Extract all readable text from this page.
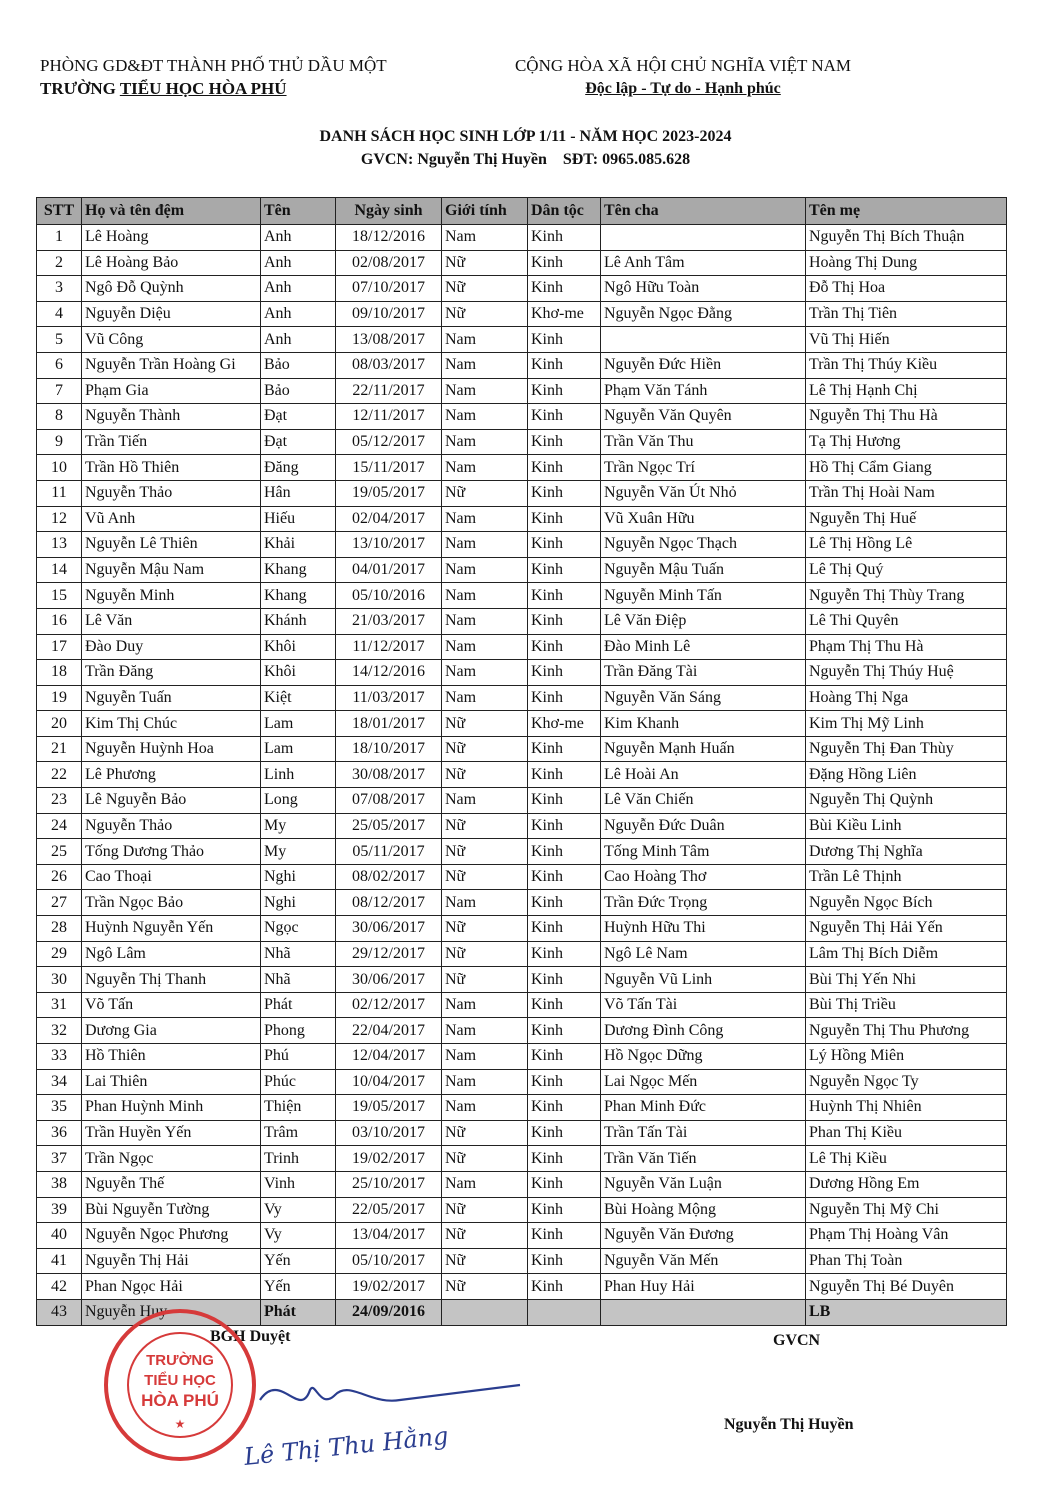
PHÒNG GD&ĐT THÀNH PHỐ THỦ DẦU MỘT
TRƯỜNG TIỂU HỌC HÒA PHÚ
CỘNG HÒA XÃ HỘI CHỦ NGHĨA VIỆT NAM
Độc lập - Tự do - Hạnh phúc
DANH SÁCH HỌC SINH LỚP 1/11 - NĂM HỌC 2023-2024
GVCN: Nguyễn Thị Huyền    SĐT: 0965.085.628
STT	Họ và tên đệm	Tên	Ngày sinh	Giới tính	Dân tộc	Tên cha	Tên mẹ
1	Lê Hoàng	Anh	18/12/2016	Nam	Kinh		Nguyễn Thị Bích Thuận
2	Lê Hoàng Bảo	Anh	02/08/2017	Nữ	Kinh	Lê Anh Tâm	Hoàng Thị Dung
3	Ngô Đỗ Quỳnh	Anh	07/10/2017	Nữ	Kinh	Ngô Hữu Toàn	Đỗ Thị Hoa
4	Nguyễn Diệu	Anh	09/10/2017	Nữ	Khơ-me	Nguyễn Ngọc Đằng	Trần Thị Tiên
5	Vũ Công	Anh	13/08/2017	Nam	Kinh		Vũ Thị Hiến
6	Nguyễn Trần Hoàng Gi	Bảo	08/03/2017	Nam	Kinh	Nguyễn Đức Hiền	Trần Thị Thúy Kiều
7	Phạm Gia	Bảo	22/11/2017	Nam	Kinh	Phạm Văn Tánh	Lê Thị Hạnh Chị
8	Nguyễn Thành	Đạt	12/11/2017	Nam	Kinh	Nguyễn Văn Quyên	Nguyễn Thị Thu Hà
9	Trần Tiến	Đạt	05/12/2017	Nam	Kinh	Trần Văn Thu	Tạ Thị Hương
10	Trần Hồ Thiên	Đăng	15/11/2017	Nam	Kinh	Trần Ngọc Trí	Hồ Thị Cẩm Giang
11	Nguyễn Thảo	Hân	19/05/2017	Nữ	Kinh	Nguyễn Văn Út Nhỏ	Trần Thị Hoài Nam
12	Vũ Anh	Hiếu	02/04/2017	Nam	Kinh	Vũ Xuân Hữu	Nguyễn Thị Huế
13	Nguyễn Lê Thiên	Khải	13/10/2017	Nam	Kinh	Nguyễn Ngọc Thạch	Lê Thị Hồng Lê
14	Nguyễn Mậu Nam	Khang	04/01/2017	Nam	Kinh	Nguyễn Mậu Tuấn	Lê Thị Quý
15	Nguyễn Minh	Khang	05/10/2016	Nam	Kinh	Nguyễn Minh Tấn	Nguyễn Thị Thùy Trang
16	Lê Văn	Khánh	21/03/2017	Nam	Kinh	Lê Văn Điệp	Lê Thi Quyên
17	Đào Duy	Khôi	11/12/2017	Nam	Kinh	Đào Minh Lê	Phạm Thị Thu Hà
18	Trần Đăng	Khôi	14/12/2016	Nam	Kinh	Trần Đăng Tài	Nguyễn Thị Thúy Huệ
19	Nguyễn Tuấn	Kiệt	11/03/2017	Nam	Kinh	Nguyễn Văn Sáng	Hoàng Thị Nga
20	Kim Thị Chúc	Lam	18/01/2017	Nữ	Khơ-me	Kim Khanh	Kim Thị Mỹ Linh
21	Nguyễn Huỳnh Hoa	Lam	18/10/2017	Nữ	Kinh	Nguyễn Mạnh Huấn	Nguyễn Thị Đan Thùy
22	Lê Phương	Linh	30/08/2017	Nữ	Kinh	Lê Hoài An	Đặng Hồng Liên
23	Lê Nguyễn Bảo	Long	07/08/2017	Nam	Kinh	Lê Văn Chiến	Nguyễn Thị Quỳnh
24	Nguyễn Thảo	My	25/05/2017	Nữ	Kinh	Nguyễn Đức Duân	Bùi Kiều Linh
25	Tống Dương Thảo	My	05/11/2017	Nữ	Kinh	Tống Minh Tâm	Dương Thị Nghĩa
26	Cao Thoại	Nghi	08/02/2017	Nữ	Kinh	Cao Hoàng Thơ	Trần Lê Thịnh
27	Trần Ngọc Bảo	Nghi	08/12/2017	Nam	Kinh	Trần Đức Trọng	Nguyễn Ngọc Bích
28	Huỳnh Nguyễn Yến	Ngọc	30/06/2017	Nữ	Kinh	Huỳnh Hữu Thi	Nguyễn Thị Hải Yến
29	Ngô Lâm	Nhã	29/12/2017	Nữ	Kinh	Ngô Lê Nam	Lâm Thị Bích Diễm
30	Nguyễn Thị Thanh	Nhã	30/06/2017	Nữ	Kinh	Nguyễn Vũ Linh	Bùi Thị Yến Nhi
31	Võ Tấn	Phát	02/12/2017	Nam	Kinh	Võ Tấn Tài	Bùi Thị Triều
32	Dương Gia	Phong	22/04/2017	Nam	Kinh	Dương Đình Công	Nguyễn Thị Thu Phương
33	Hồ Thiên	Phú	12/04/2017	Nam	Kinh	Hồ Ngọc Dững	Lý Hồng Miên
34	Lai Thiên	Phúc	10/04/2017	Nam	Kinh	Lai Ngọc Mến	Nguyễn Ngọc Ty
35	Phan Huỳnh Minh	Thiện	19/05/2017	Nam	Kinh	Phan Minh Đức	Huỳnh Thị Nhiên
36	Trần Huyền Yến	Trâm	03/10/2017	Nữ	Kinh	Trần Tấn Tài	Phan Thị Kiều
37	Trần Ngọc	Trinh	19/02/2017	Nữ	Kinh	Trần Văn Tiến	Lê Thị Kiều
38	Nguyễn Thế	Vinh	25/10/2017	Nam	Kinh	Nguyễn Văn Luận	Dương Hồng Em
39	Bùi Nguyễn Tường	Vy	22/05/2017	Nữ	Kinh	Bùi Hoàng Mộng	Nguyễn Thị Mỹ Chi
40	Nguyễn Ngọc Phương	Vy	13/04/2017	Nữ	Kinh	Nguyễn Văn Đương	Phạm Thị Hoàng Vân
41	Nguyễn Thị Hải	Yến	05/10/2017	Nữ	Kinh	Nguyễn Văn Mến	Phan Thị Toàn
42	Phan Ngọc Hải	Yến	19/02/2017	Nữ	Kinh	Phan Huy Hải	Nguyễn Thị Bé Duyên
43	Nguyễn Huy	Phát	24/09/2016				LB
BGH Duyệt	GVCN
Nguyễn Thị Huyền
TRƯỜNG
TIỂU HỌC
HÒA PHÚ
★ Lê Thị Thu Hằng
